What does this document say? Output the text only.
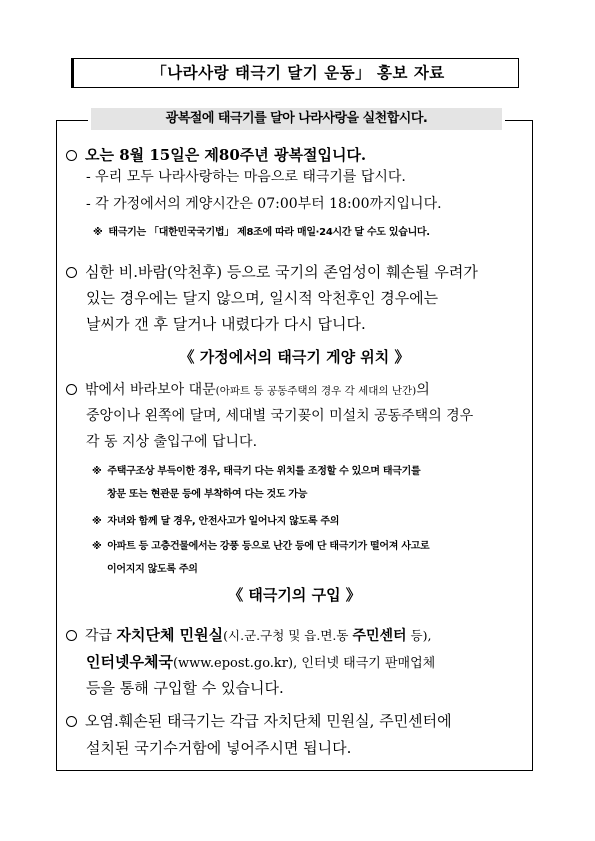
「나라사랑 태극기 달기 운동」 홍보 자료
광복절에 태극기를 달아 나라사랑을 실천합시다.
오는 8월 15일은 제80주년 광복절입니다.
- 우리 모두 나라사랑하는 마음으로 태극기를 답시다.
- 각 가정에서의 게양시간은 07:00부터 18:00까지입니다.
※ 태극기는 「대한민국국기법」 제8조에 따라 매일·24시간 달 수도 있습니다.
심한 비.바람(악천후) 등으로 국기의 존엄성이 훼손될 우려가
있는 경우에는 달지 않으며, 일시적 악천후인 경우에는
날씨가 갠 후 달거나 내렸다가 다시 답니다.
《 가정에서의 태극기 게양 위치 》
밖에서 바라보아 대문(아파트 등 공동주택의 경우 각 세대의 난간)의
중앙이나 왼쪽에 달며, 세대별 국기꽂이 미설치 공동주택의 경우
각 동 지상 출입구에 답니다.
※ 주택구조상 부득이한 경우, 태극기 다는 위치를 조정할 수 있으며 태극기를
창문 또는 현관문 등에 부착하여 다는 것도 가능
※ 자녀와 함께 달 경우, 안전사고가 일어나지 않도록 주의
※ 아파트 등 고층건물에서는 강풍 등으로 난간 등에 단 태극기가 떨어져 사고로
이어지지 않도록 주의
《 태극기의 구입 》
각급 자치단체 민원실(시.군.구청 및 읍.면.동 주민센터 등),
인터넷우체국(www.epost.go.kr), 인터넷 태극기 판매업체
등을 통해 구입할 수 있습니다.
오염.훼손된 태극기는 각급 자치단체 민원실, 주민센터에
설치된 국기수거함에 넣어주시면 됩니다.
